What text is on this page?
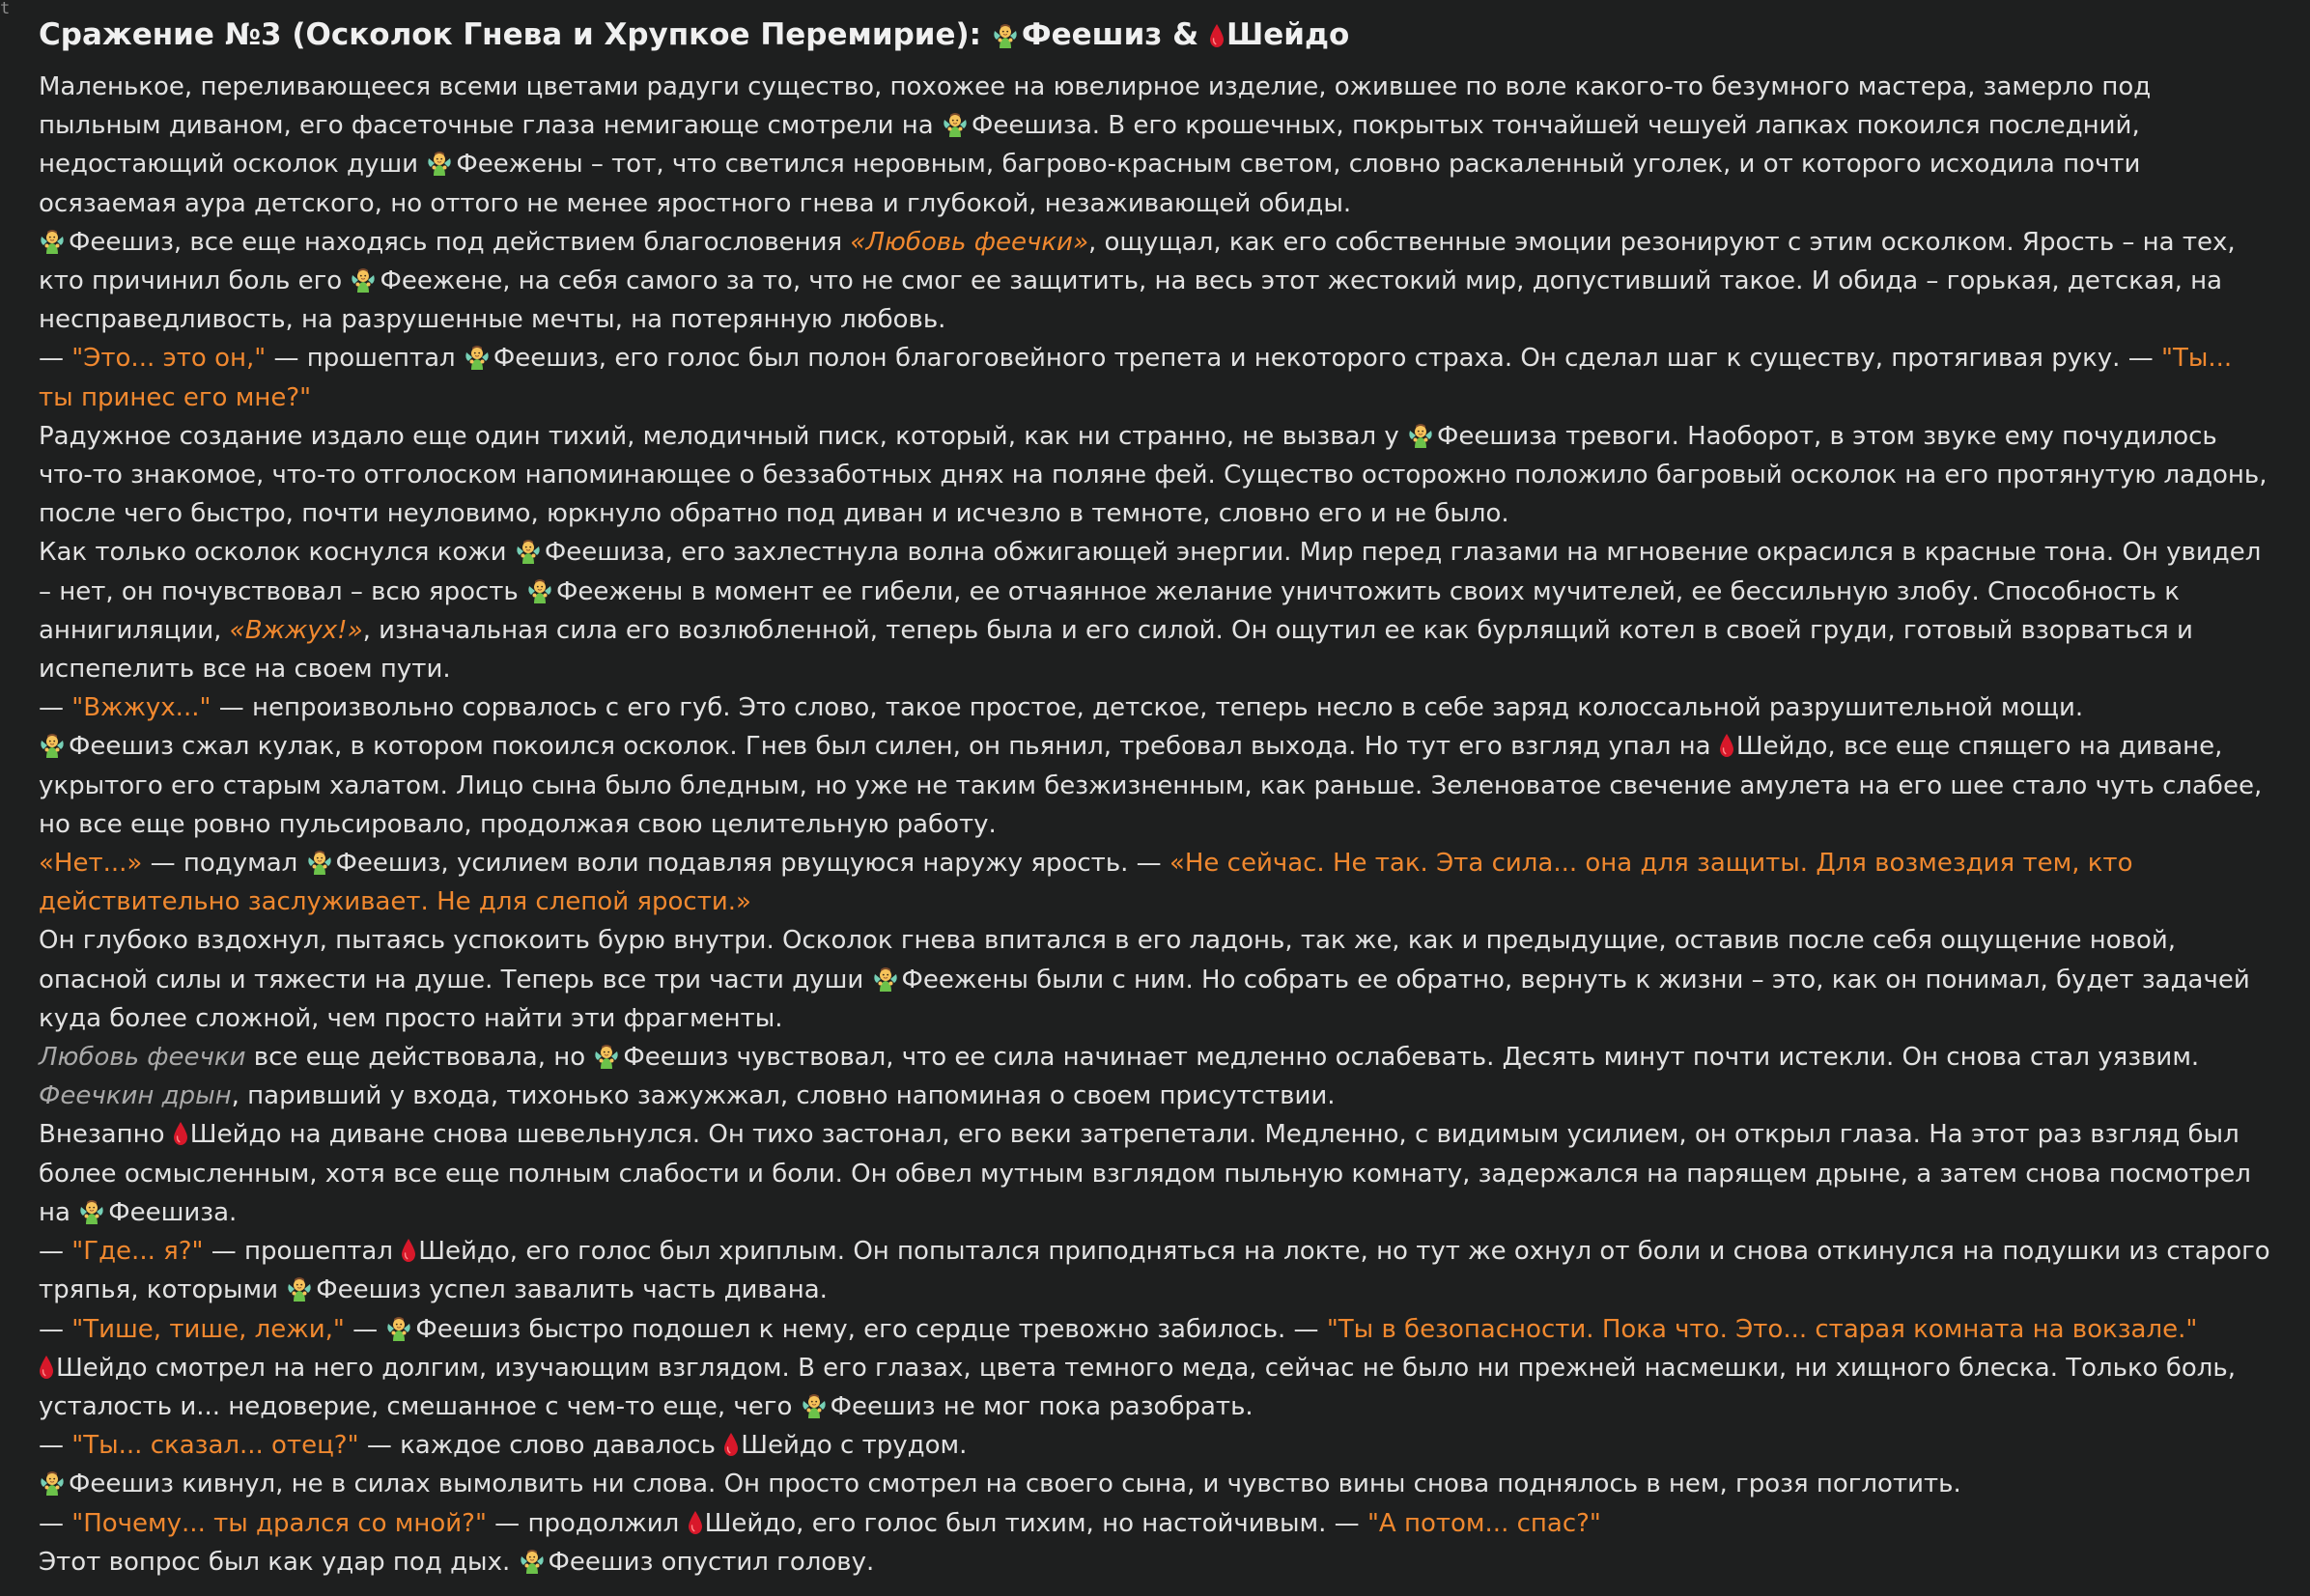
t
Сражение №3 (Осколок Гнева и Хрупкое Перемирие):
Феешиз &
Шейдо

Маленькое, переливающееся всеми цветами радуги существо, похожее на ювелирное изделие, ожившее по воле какого-то безумного мастера, замерло под пыльным диваном, его фасеточные глаза немигающе смотрели на
Феешиза. В его крошечных, покрытых тончайшей чешуей лапках покоился последний, недостающий осколок души
Феежены – тот, что светился неровным, багрово-красным светом, словно раскаленный уголек, и от которого исходила почти осязаемая аура детского, но оттого не менее яростного гнева и глубокой, незаживающей обиды.

Феешиз, все еще находясь под действием благословения «Любовь феечки», ощущал, как его собственные эмоции резонируют с этим осколком. Ярость – на тех, кто причинил боль его
Феежене, на себя самого за то, что не смог ее защитить, на весь этот жестокий мир, допустивший такое. И обида – горькая, детская, на несправедливость, на разрушенные мечты, на потерянную любовь.

— "Это... это он," — прошептал
Феешиз, его голос был полон благоговейного трепета и некоторого страха. Он сделал шаг к существу, протягивая руку. — "Ты... ты принес его мне?"

Радужное создание издало еще один тихий, мелодичный писк, который, как ни странно, не вызвал у
Феешиза тревоги. Наоборот, в этом звуке ему почудилось что-то знакомое, что-то отголоском напоминающее о беззаботных днях на поляне фей. Существо осторожно положило багровый осколок на его протянутую ладонь, после чего быстро, почти неуловимо, юркнуло обратно под диван и исчезло в темноте, словно его и не было.

Как только осколок коснулся кожи
Феешиза, его захлестнула волна обжигающей энергии. Мир перед глазами на мгновение окрасился в красные тона. Он увидел – нет, он почувствовал – всю ярость
Феежены в момент ее гибели, ее отчаянное желание уничтожить своих мучителей, ее бессильную злобу. Способность к аннигиляции, «Вжжух!», изначальная сила его возлюбленной, теперь была и его силой. Он ощутил ее как бурлящий котел в своей груди, готовый взорваться и испепелить все на своем пути.

— "Вжжух..." — непроизвольно сорвалось с его губ. Это слово, такое простое, детское, теперь несло в себе заряд колоссальной разрушительной мощи.

Феешиз сжал кулак, в котором покоился осколок. Гнев был силен, он пьянил, требовал выхода. Но тут его взгляд упал на
Шейдо, все еще спящего на диване, укрытого его старым халатом. Лицо сына было бледным, но уже не таким безжизненным, как раньше. Зеленоватое свечение амулета на его шее стало чуть слабее, но все еще ровно пульсировало, продолжая свою целительную работу.

«Нет...» — подумал
Феешиз, усилием воли подавляя рвущуюся наружу ярость. — «Не сейчас. Не так. Эта сила... она для защиты. Для возмездия тем, кто действительно заслуживает. Не для слепой ярости.»

Он глубоко вздохнул, пытаясь успокоить бурю внутри. Осколок гнева впитался в его ладонь, так же, как и предыдущие, оставив после себя ощущение новой, опасной силы и тяжести на душе. Теперь все три части души
Феежены были с ним. Но собрать ее обратно, вернуть к жизни – это, как он понимал, будет задачей куда более сложной, чем просто найти эти фрагменты.

Любовь феечки все еще действовала, но
Феешиз чувствовал, что ее сила начинает медленно ослабевать. Десять минут почти истекли. Он снова стал уязвим.

Феечкин дрын, паривший у входа, тихонько зажужжал, словно напоминая о своем присутствии.

Внезапно
Шейдо на диване снова шевельнулся. Он тихо застонал, его веки затрепетали. Медленно, с видимым усилием, он открыл глаза. На этот раз взгляд был более осмысленным, хотя все еще полным слабости и боли. Он обвел мутным взглядом пыльную комнату, задержался на парящем дрыне, а затем снова посмотрел на
Феешиза.

— "Где... я?" — прошептал
Шейдо, его голос был хриплым. Он попытался приподняться на локте, но тут же охнул от боли и снова откинулся на подушки из старого тряпья, которыми
Феешиз успел завалить часть дивана.

— "Тише, тише, лежи," —
Феешиз быстро подошел к нему, его сердце тревожно забилось. — "Ты в безопасности. Пока что. Это... старая комната на вокзале."

Шейдо смотрел на него долгим, изучающим взглядом. В его глазах, цвета темного меда, сейчас не было ни прежней насмешки, ни хищного блеска. Только боль, усталость и... недоверие, смешанное с чем-то еще, чего
Феешиз не мог пока разобрать.

— "Ты... сказал... отец?" — каждое слово давалось
Шейдо с трудом.

Феешиз кивнул, не в силах вымолвить ни слова. Он просто смотрел на своего сына, и чувство вины снова поднялось в нем, грозя поглотить.

— "Почему... ты дрался со мной?" — продолжил
Шейдо, его голос был тихим, но настойчивым. — "А потом... спас?"

Этот вопрос был как удар под дых.
Феешиз опустил голову.
